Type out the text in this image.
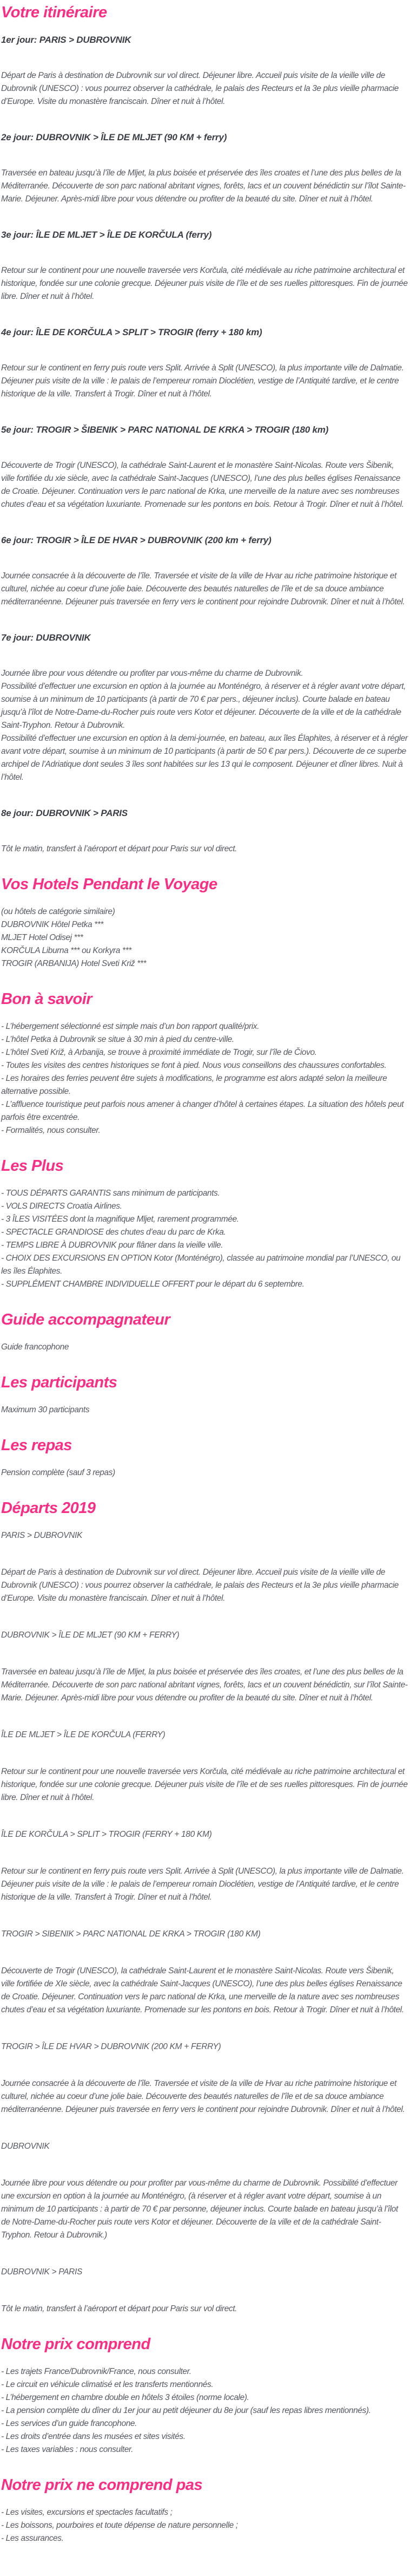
Votre itinéraire
1er jour: PARIS > DUBROVNIK

Départ de Paris à destination de Dubrovnik sur vol direct. Déjeuner libre. Accueil puis visite de la vieille ville de Dubrovnik (UNESCO) : vous pourrez observer la cathédrale, le palais des Recteurs et la 3e plus vieille pharmacie d’Europe. Visite du monastère franciscain. Dîner et nuit à l’hôtel.

2e jour: DUBROVNIK > ÎLE DE MLJET (90 KM + ferry)

Traversée en bateau jusqu’à l’île de Mljet, la plus boisée et préservée des îles croates et l’une des plus belles de la Méditerranée. Découverte de son parc national abritant vignes, forêts, lacs et un couvent bénédictin sur l’îlot Sainte-Marie. Déjeuner. Après-midi libre pour vous détendre ou profiter de la beauté du site. Dîner et nuit à l’hôtel.

3e jour: ÎLE DE MLJET > ÎLE DE KORČULA (ferry)

Retour sur le continent pour une nouvelle traversée vers Korčula, cité médiévale au riche patrimoine architectural et historique, fondée sur une colonie grecque. Déjeuner puis visite de l’île et de ses ruelles pittoresques. Fin de journée libre. Dîner et nuit à l’hôtel.

4e jour: ÎLE DE KORČULA > SPLIT > TROGIR (ferry + 180 km)

Retour sur le continent en ferry puis route vers Split. Arrivée à Split (UNESCO), la plus importante ville de Dalmatie. Déjeuner puis visite de la ville : le palais de l’empereur romain Dioclétien, vestige de l’Antiquité tardive, et le centre historique de la ville. Transfert à Trogir. Dîner et nuit à l’hôtel.

5e jour: TROGIR > ŠIBENIK > PARC NATIONAL DE KRKA > TROGIR (180 km)

Découverte de Trogir (UNESCO), la cathédrale Saint-Laurent et le monastère Saint-Nicolas. Route vers Šibenik, ville fortifiée du xie siècle, avec la cathédrale Saint-Jacques (UNESCO), l’une des plus belles églises Renaissance de Croatie. Déjeuner. Continuation vers le parc national de Krka, une merveille de la nature avec ses nombreuses chutes d’eau et sa végétation luxuriante. Promenade sur les pontons en bois. Retour à Trogir. Dîner et nuit à l’hôtel.

6e jour: TROGIR > ÎLE DE HVAR > DUBROVNIK (200 km + ferry)

Journée consacrée à la découverte de l’île. Traversée et visite de la ville de Hvar au riche patrimoine historique et culturel, nichée au coeur d’une jolie baie. Découverte des beautés naturelles de l’île et de sa douce ambiance méditerranéenne. Déjeuner puis traversée en ferry vers le continent pour rejoindre Dubrovnik. Dîner et nuit à l’hôtel.

7e jour: DUBROVNIK

Journée libre pour vous détendre ou profiter par vous-même du charme de Dubrovnik.

Possibilité d’effectuer une excursion en option à la journée au Monténégro, à réserver et à régler avant votre départ, soumise à un minimum de 10 participants (à partir de 70 € par pers., déjeuner inclus). Courte balade en bateau jusqu’à l’îlot de Notre-Dame-du-Rocher puis route vers Kotor et déjeuner. Découverte de la ville et de la cathédrale Saint-Tryphon. Retour à Dubrovnik.

Possibilité d’effectuer une excursion en option à la demi-journée, en bateau, aux îles Élaphites, à réserver et à régler avant votre départ, soumise à un minimum de 10 participants (à partir de 50 € par pers.). Découverte de ce superbe archipel de l’Adriatique dont seules 3 îles sont habitées sur les 13 qui le composent. Déjeuner et dîner libres. Nuit à l’hôtel.

8e jour: DUBROVNIK > PARIS

Tôt le matin, transfert à l’aéroport et départ pour Paris sur vol direct.

Vos Hotels Pendant le Voyage

(ou hôtels de catégorie similaire)

DUBROVNIK Hôtel Petka ***

MLJET Hotel Odisej ***

KORČULA Liburna *** ou Korkyra ***

TROGIR (ARBANIJA) Hotel Sveti Križ ***

Bon à savoir

- L’hébergement sélectionné est simple mais d’un bon rapport qualité/prix.

- L’hôtel Petka à Dubrovnik se situe à 30 min à pied du centre-ville.

- L’hôtel Sveti Križ, à Arbanija, se trouve à proximité immédiate de Trogir, sur l’île de Čiovo.

- Toutes les visites des centres historiques se font à pied. Nous vous conseillons des chaussures confortables.

- Les horaires des ferries peuvent être sujets à modifications, le programme est alors adapté selon la meilleure alternative possible.

- L’affluence touristique peut parfois nous amener à changer d’hôtel à certaines étapes. La situation des hôtels peut parfois être excentrée.

- Formalités, nous consulter.

Les Plus

- TOUS DÉPARTS GARANTIS sans minimum de participants.

- VOLS DIRECTS Croatia Airlines.

- 3 ÎLES VISITÉES dont la magnifique Mljet, rarement programmée.

- SPECTACLE GRANDIOSE des chutes d’eau du parc de Krka.

- TEMPS LIBRE À DUBROVNIK pour flâner dans la vieille ville.

- CHOIX DES EXCURSIONS EN OPTION Kotor (Monténégro), classée au patrimoine mondial par l’UNESCO, ou les îles Élaphites.

- SUPPLÉMENT CHAMBRE INDIVIDUELLE OFFERT pour le départ du 6 septembre.

Guide accompagnateur

Guide francophone

Les participants

Maximum 30 participants

Les repas

Pension complète (sauf 3 repas)

Départs 2019
PARIS > DUBROVNIK

Départ de Paris à destination de Dubrovnik sur vol direct. Déjeuner libre. Accueil puis visite de la vieille ville de Dubrovnik (UNESCO) : vous pourrez observer la cathédrale, le palais des Recteurs et la 3e plus vieille pharmacie d’Europe. Visite du monastère franciscain. Dîner et nuit à l’hôtel.

DUBROVNIK > ÎLE DE MLJET (90 KM + FERRY)

Traversée en bateau jusqu’à l’île de Mljet, la plus boisée et préservée des îles croates, et l’une des plus belles de la Méditerranée. Découverte de son parc national abritant vignes, forêts, lacs et un couvent bénédictin, sur l’îlot Sainte-Marie. Déjeuner. Après-midi libre pour vous détendre ou profiter de la beauté du site. Dîner et nuit à l’hôtel.

ÎLE DE MLJET > ÎLE DE KORČULA (FERRY)

Retour sur le continent pour une nouvelle traversée vers Korčula, cité médiévale au riche patrimoine architectural et historique, fondée sur une colonie grecque. Déjeuner puis visite de l’île et de ses ruelles pittoresques. Fin de journée libre. Dîner et nuit à l’hôtel.

ÎLE DE KORČULA > SPLIT > TROGIR (FERRY + 180 KM)

Retour sur le continent en ferry puis route vers Split. Arrivée à Split (UNESCO), la plus importante ville de Dalmatie. Déjeuner puis visite de la ville : le palais de l’empereur romain Dioclétien, vestige de l’Antiquité tardive, et le centre historique de la ville. Transfert à Trogir. Dîner et nuit à l’hôtel.

TROGIR > SIBENIK > PARC NATIONAL DE KRKA > TROGIR (180 KM)

Découverte de Trogir (UNESCO), la cathédrale Saint-Laurent et le monastère Saint-Nicolas. Route vers Šibenik, ville fortifiée de XIe siècle, avec la cathédrale Saint-Jacques (UNESCO), l’une des plus belles églises Renaissance de Croatie. Déjeuner. Continuation vers le parc national de Krka, une merveille de la nature avec ses nombreuses chutes d’eau et sa végétation luxuriante. Promenade sur les pontons en bois. Retour à Trogir. Dîner et nuit à l’hôtel.

TROGIR > ÎLE DE HVAR > DUBROVNIK (200 KM + FERRY)

Journée consacrée à la découverte de l’île. Traversée et visite de la ville de Hvar au riche patrimoine historique et culturel, nichée au coeur d’une jolie baie. Découverte des beautés naturelles de l’île et de sa douce ambiance méditerranéenne. Déjeuner puis traversée en ferry vers le continent pour rejoindre Dubrovnik. Dîner et nuit à l’hôtel.

DUBROVNIK

Journée libre pour vous détendre ou pour profiter par vous-même du charme de Dubrovnik. Possibilité d’effectuer une excursion en option à la journée au Monténégro, (à réserver et à régler avant votre départ, soumise à un minimum de 10 participants : à partir de 70 € par personne, déjeuner inclus. Courte balade en bateau jusqu’à l’îlot de Notre-Dame-du-Rocher puis route vers Kotor et déjeuner. Découverte de la ville et de la cathédrale Saint-Tryphon. Retour à Dubrovnik.)

DUBROVNIK > PARIS

Tôt le matin, transfert à l’aéroport et départ pour Paris sur vol direct.

Notre prix comprend

- Les trajets France/Dubrovnik/France, nous consulter.

- Le circuit en véhicule climatisé et les transferts mentionnés.

- L’hébergement en chambre double en hôtels 3 étoiles (norme locale).

- La pension complète du dîner du 1er jour au petit déjeuner du 8e jour (sauf les repas libres mentionnés).

- Les services d’un guide francophone.

- Les droits d’entrée dans les musées et sites visités.

- Les taxes variables : nous consulter.

Notre prix ne comprend pas

- Les visites, excursions et spectacles facultatifs ;

- Les boissons, pourboires et toute dépense de nature personnelle ;

- Les assurances.
